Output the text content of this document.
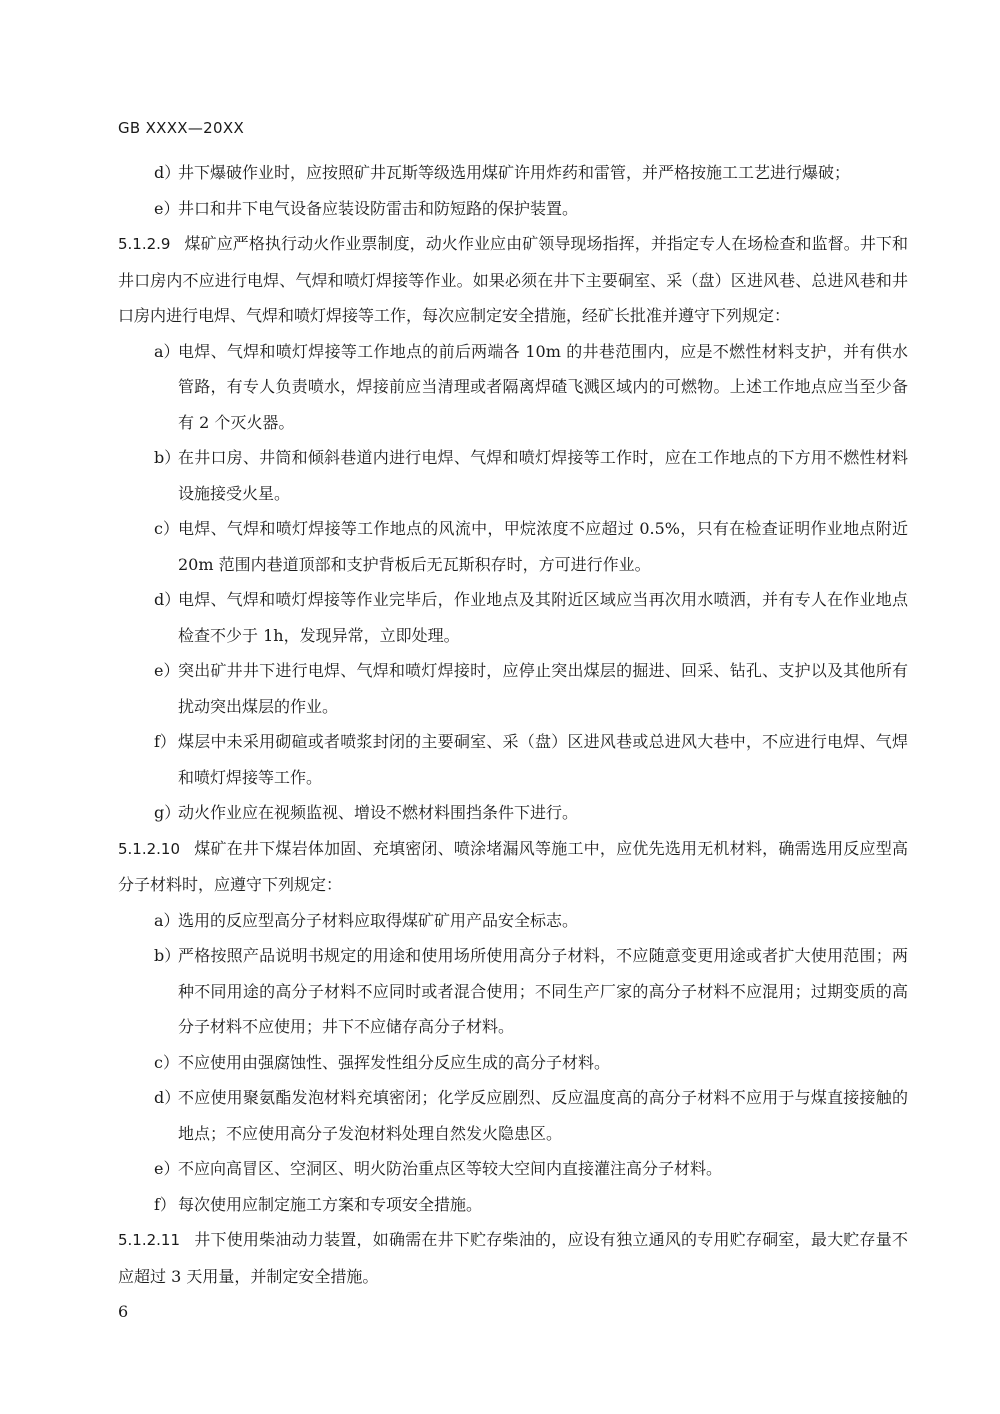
GB XXXX—20XX

d）
井下爆破作业时，应按照矿井瓦斯等级选用煤矿许用炸药和雷管，并严格按施工工艺进行爆破；

e）
井口和井下电气设备应装设防雷击和防短路的保护装置。

5.1.2.9 煤矿应严格执行动火作业票制度，动火作业应由矿领导现场指挥，并指定专人在场检查和监督。井下和井口房内不应进行电焊、气焊和喷灯焊接等作业。如果必须在井下主要硐室、采（盘）区进风巷、总进风巷和井口房内进行电焊、气焊和喷灯焊接等工作，每次应制定安全措施，经矿长批准并遵守下列规定：

a）
电焊、气焊和喷灯焊接等工作地点的前后两端各 10m 的井巷范围内，应是不燃性材料支护，并有供水管路，有专人负责喷水，焊接前应当清理或者隔离焊碴飞溅区域内的可燃物。上述工作地点应当至少备有 2 个灭火器。

b）
在井口房、井筒和倾斜巷道内进行电焊、气焊和喷灯焊接等工作时，应在工作地点的下方用不燃性材料设施接受火星。

c） 电焊、气焊和喷灯焊接等工作地点的风流中，甲烷浓度不应超过 0.5%，只有在检查证明作业地点附近 20m 范围内巷道顶部和支护背板后无瓦斯积存时，方可进行作业。

d）
电焊、气焊和喷灯焊接等作业完毕后，作业地点及其附近区域应当再次用水喷洒，并有专人在作业地点检查不少于 1h，发现异常，立即处理。

e）
突出矿井井下进行电焊、气焊和喷灯焊接时，应停止突出煤层的掘进、回采、钻孔、支护以及其他所有扰动突出煤层的作业。

f） 煤层中未采用砌碹或者喷浆封闭的主要硐室、采（盘）区进风巷或总进风大巷中，不应进行电焊、气焊和喷灯焊接等工作。

g）
动火作业应在视频监视、增设不燃材料围挡条件下进行。

5.1.2.10 煤矿在井下煤岩体加固、充填密闭、喷涂堵漏风等施工中，应优先选用无机材料，确需选用反应型高分子材料时，应遵守下列规定：

a）
选用的反应型高分子材料应取得煤矿矿用产品安全标志。

b）
严格按照产品说明书规定的用途和使用场所使用高分子材料，不应随意变更用途或者扩大使用范围；两种不同用途的高分子材料不应同时或者混合使用；不同生产厂家的高分子材料不应混用；过期变质的高分子材料不应使用；井下不应储存高分子材料。

c） 不应使用由强腐蚀性、强挥发性组分反应生成的高分子材料。

d）
不应使用聚氨酯发泡材料充填密闭；化学反应剧烈、反应温度高的高分子材料不应用于与煤直接接触的地点；不应使用高分子发泡材料处理自然发火隐患区。

e）
不应向高冒区、空洞区、明火防治重点区等较大空间内直接灌注高分子材料。

f） 每次使用应制定施工方案和专项安全措施。

5.1.2.11 井下使用柴油动力装置，如确需在井下贮存柴油的，应设有独立通风的专用贮存硐室，最大贮存量不应超过 3 天用量，并制定安全措施。

6
